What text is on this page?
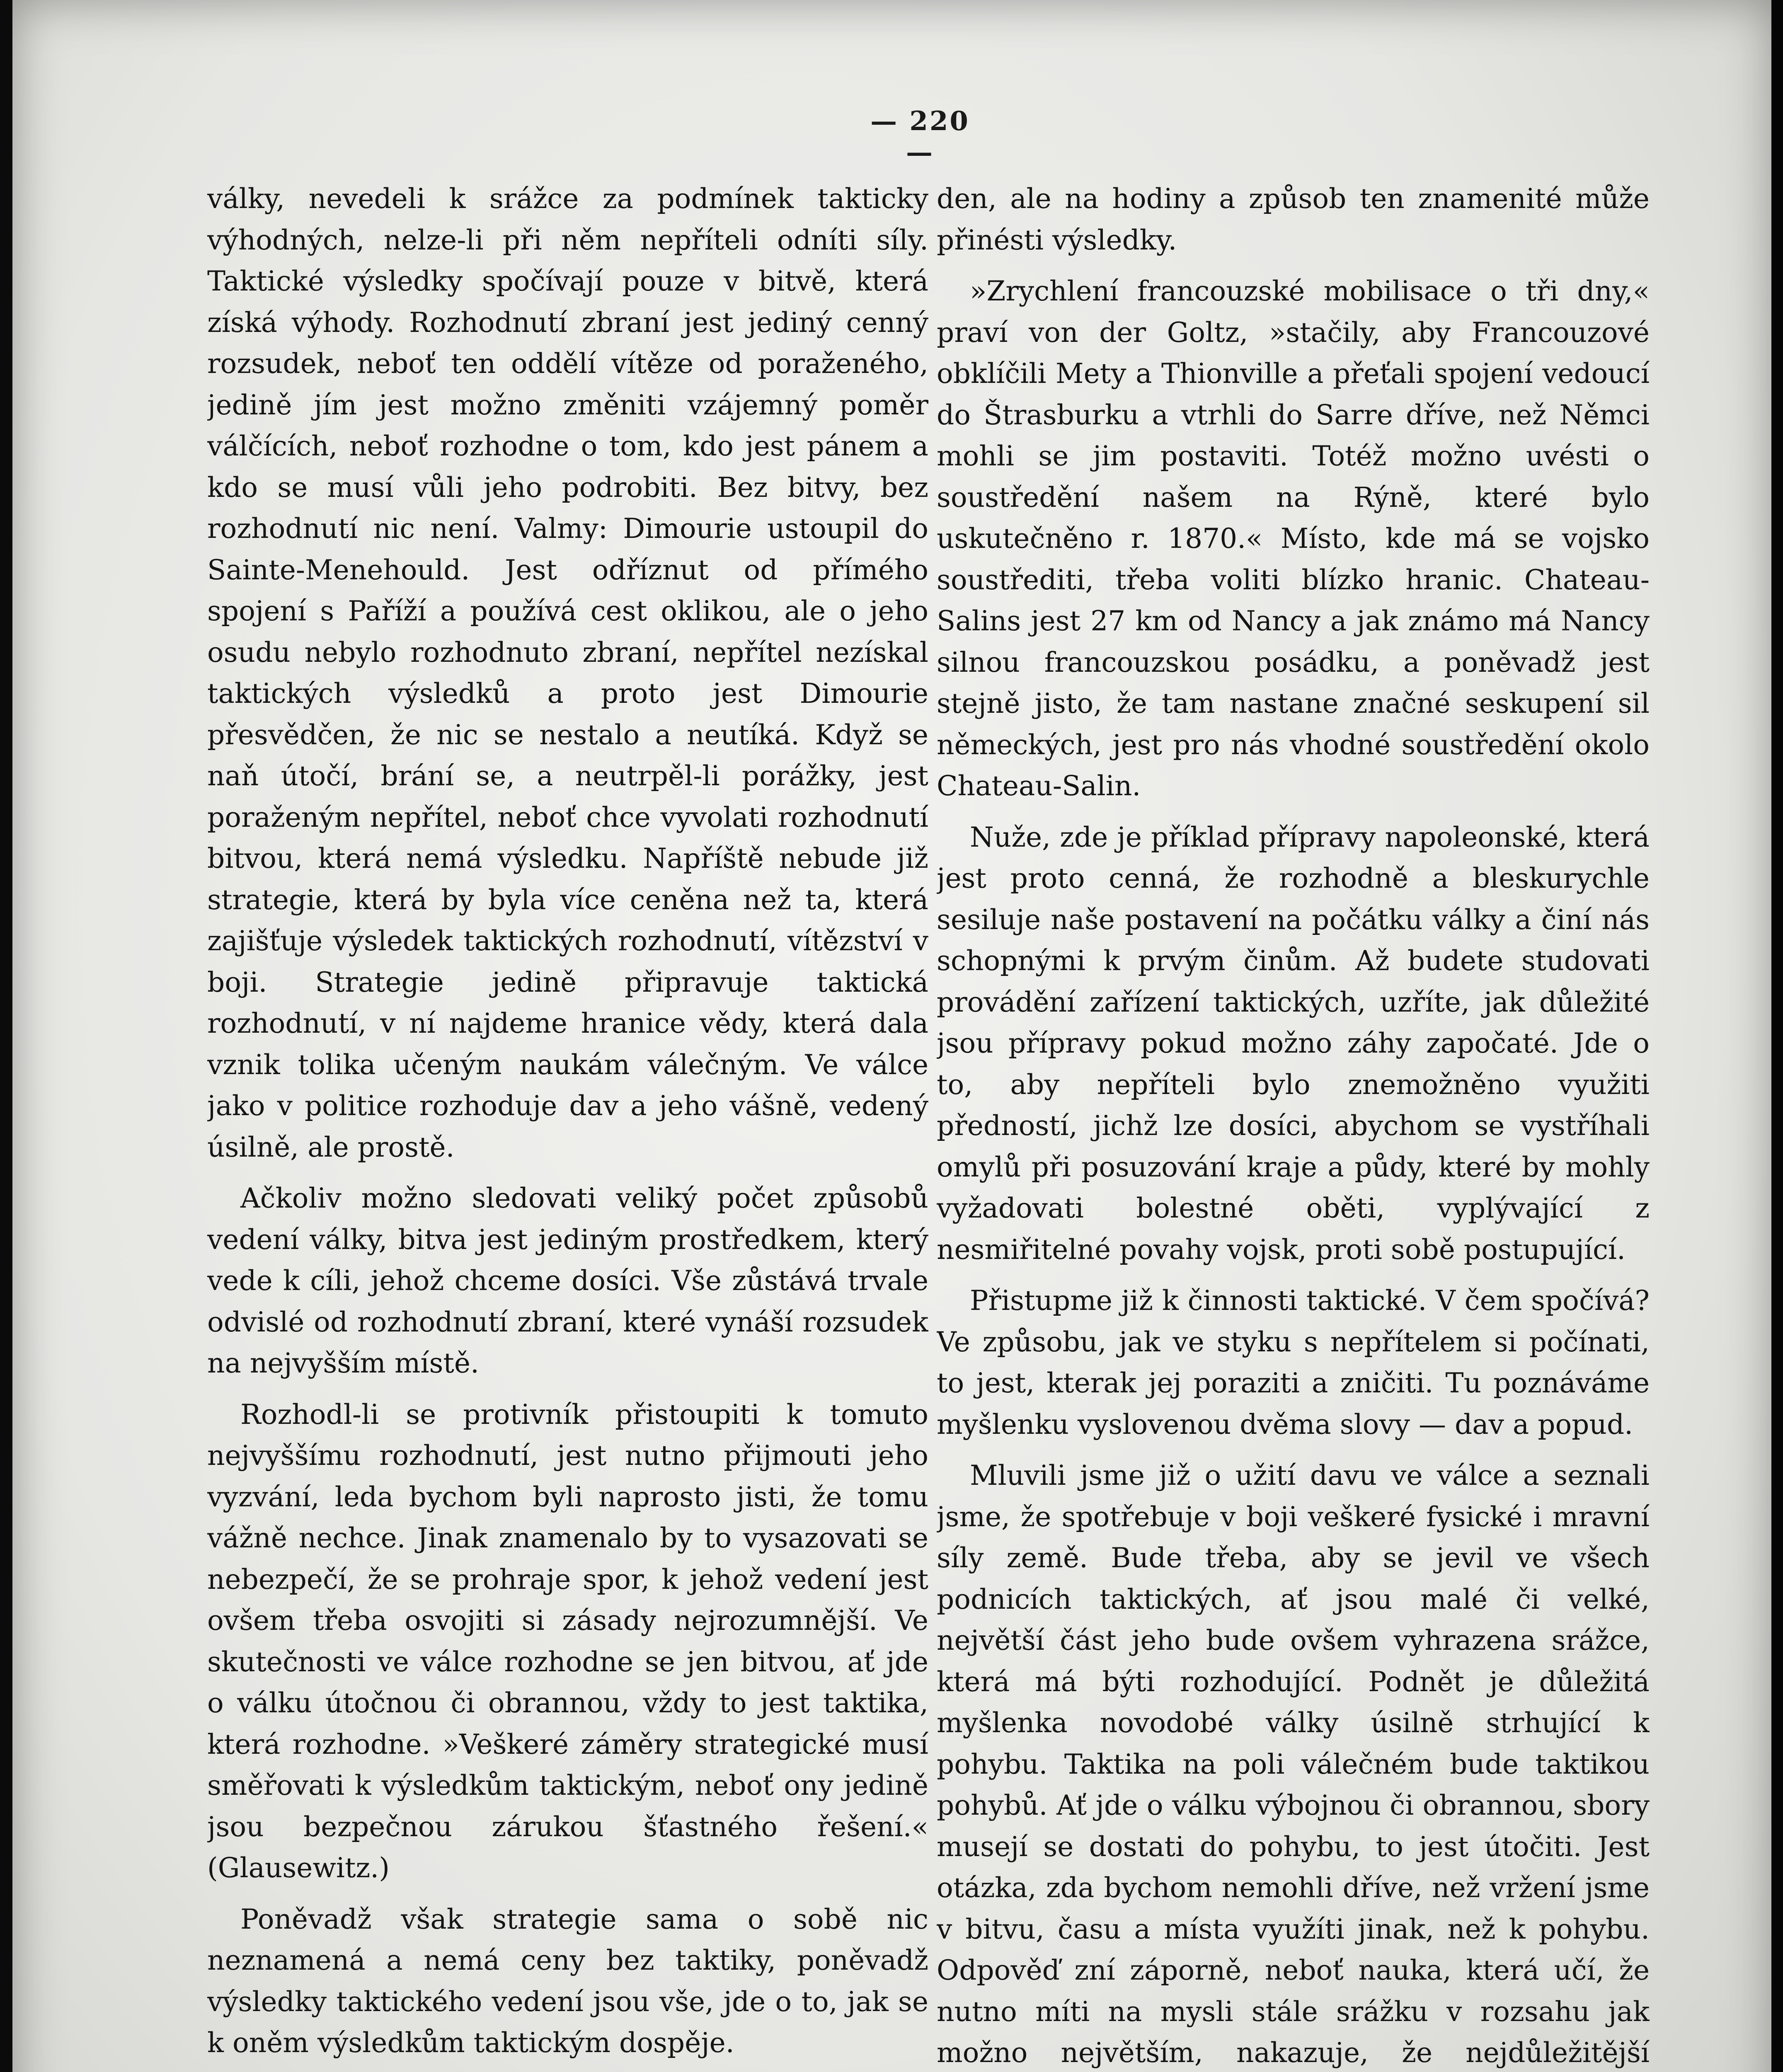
— 220 —

války, nevedeli k srážce za podmínek takticky výhodných, nelze-li při něm nepříteli odníti síly. Taktické výsledky spočívají pouze v bitvě, která získá výhody. Rozhodnutí zbraní jest jediný cenný rozsudek, neboť ten oddělí vítěze od poraženého, jedině jím jest možno změniti vzájemný poměr válčících, neboť rozhodne o tom, kdo jest pánem a kdo se musí vůli jeho podrobiti. Bez bitvy, bez rozhodnutí nic není. Valmy: Dimourie ustoupil do Sainte-Menehould. Jest odříznut od přímého spojení s Paříží a používá cest oklikou, ale o jeho osudu nebylo rozhodnuto zbraní, nepřítel nezískal taktických výsledků a proto jest Dimourie přesvědčen, že nic se nestalo a neutíká. Když se naň útočí, brání se, a neutrpěl-li porážky, jest poraženým nepřítel, neboť chce vyvolati rozhodnutí bitvou, která nemá výsledku. Napříště nebude již strategie, která by byla více ceněna než ta, která zajišťuje výsledek taktických rozhodnutí, vítězství v boji. Strategie jedině připravuje taktická rozhodnutí, v ní najdeme hranice vědy, která dala vznik tolika učeným naukám válečným. Ve válce jako v politice rozhoduje dav a jeho vášně, vedený úsilně, ale prostě.

Ačkoliv možno sledovati veliký počet způsobů vedení války, bitva jest jediným prostředkem, který vede k cíli, jehož chceme dosíci. Vše zůstává trvale odvislé od rozhodnutí zbraní, které vynáší rozsudek na nejvyšším místě.

Rozhodl-li se protivník přistoupiti k tomuto nejvyššímu rozhodnutí, jest nutno přijmouti jeho vyzvání, leda bychom byli naprosto jisti, že tomu vážně nechce. Jinak znamenalo by to vysazovati se nebezpečí, že se prohraje spor, k jehož vedení jest ovšem třeba osvojiti si zásady nejrozumnější. Ve skutečnosti ve válce rozhodne se jen bitvou, ať jde o válku útočnou či obrannou, vždy to jest taktika, která rozhodne. »Veškeré záměry strategické musí směřovati k výsledkům taktickým, neboť ony jedině jsou bezpečnou zárukou šťastného řešení.« (Glausewitz.)

Poněvadž však strategie sama o sobě nic neznamená a nemá ceny bez taktiky, poněvadž výsledky taktického vedení jsou vše, jde o to, jak se k oněm výsledkům taktickým dospěje.

den, ale na hodiny a způsob ten znamenité může přinésti výsledky.

»Zrychlení francouzské mobilisace o tři dny,« praví von der Goltz, »stačily, aby Francouzové obklíčili Mety a Thionville a přeťali spojení vedoucí do Štrasburku a vtrhli do Sarre dříve, než Němci mohli se jim postaviti. Totéž možno uvésti o soustředění našem na Rýně, které bylo uskutečněno r. 1870.« Místo, kde má se vojsko soustřediti, třeba voliti blízko hranic. Chateau-Salins jest 27 km od Nancy a jak známo má Nancy silnou francouzskou posádku, a poněvadž jest stejně jisto, že tam nastane značné seskupení sil německých, jest pro nás vhodné soustředění okolo Chateau-Salin.

Nuže, zde je příklad přípravy napoleonské, která jest proto cenná, že rozhodně a bleskurychle sesiluje naše postavení na počátku války a činí nás schopnými k prvým činům. Až budete studovati provádění zařízení taktických, uzříte, jak důležité jsou přípravy pokud možno záhy započaté. Jde o to, aby nepříteli bylo znemožněno využiti předností, jichž lze dosíci, abychom se vystříhali omylů při posuzování kraje a půdy, které by mohly vyžadovati bolestné oběti, vyplývající z nesmiřitelné povahy vojsk, proti sobě postupující.

Přistupme již k činnosti taktické. V čem spočívá? Ve způsobu, jak ve styku s nepřítelem si počínati, to jest, kterak jej poraziti a zničiti. Tu poznáváme myšlenku vyslovenou dvěma slovy — dav a popud.

Mluvili jsme již o užití davu ve válce a seznali jsme, že spotřebuje v boji veškeré fysické i mravní síly země. Bude třeba, aby se jevil ve všech podnicích taktických, ať jsou malé či velké, největší část jeho bude ovšem vyhrazena srážce, která má býti rozhodující. Podnět je důležitá myšlenka novodobé války úsilně strhující k pohybu. Taktika na poli válečném bude taktikou pohybů. Ať jde o válku výbojnou či obrannou, sbory musejí se dostati do pohybu, to jest útočiti. Jest otázka, zda bychom nemohli dříve, než vržení jsme v bitvu, času a místa využíti jinak, než k pohybu. Odpověď zní záporně, neboť nauka, která učí, že nutno míti na mysli stále srážku v rozsahu jak možno největším, nakazuje, že nejdůležitější
